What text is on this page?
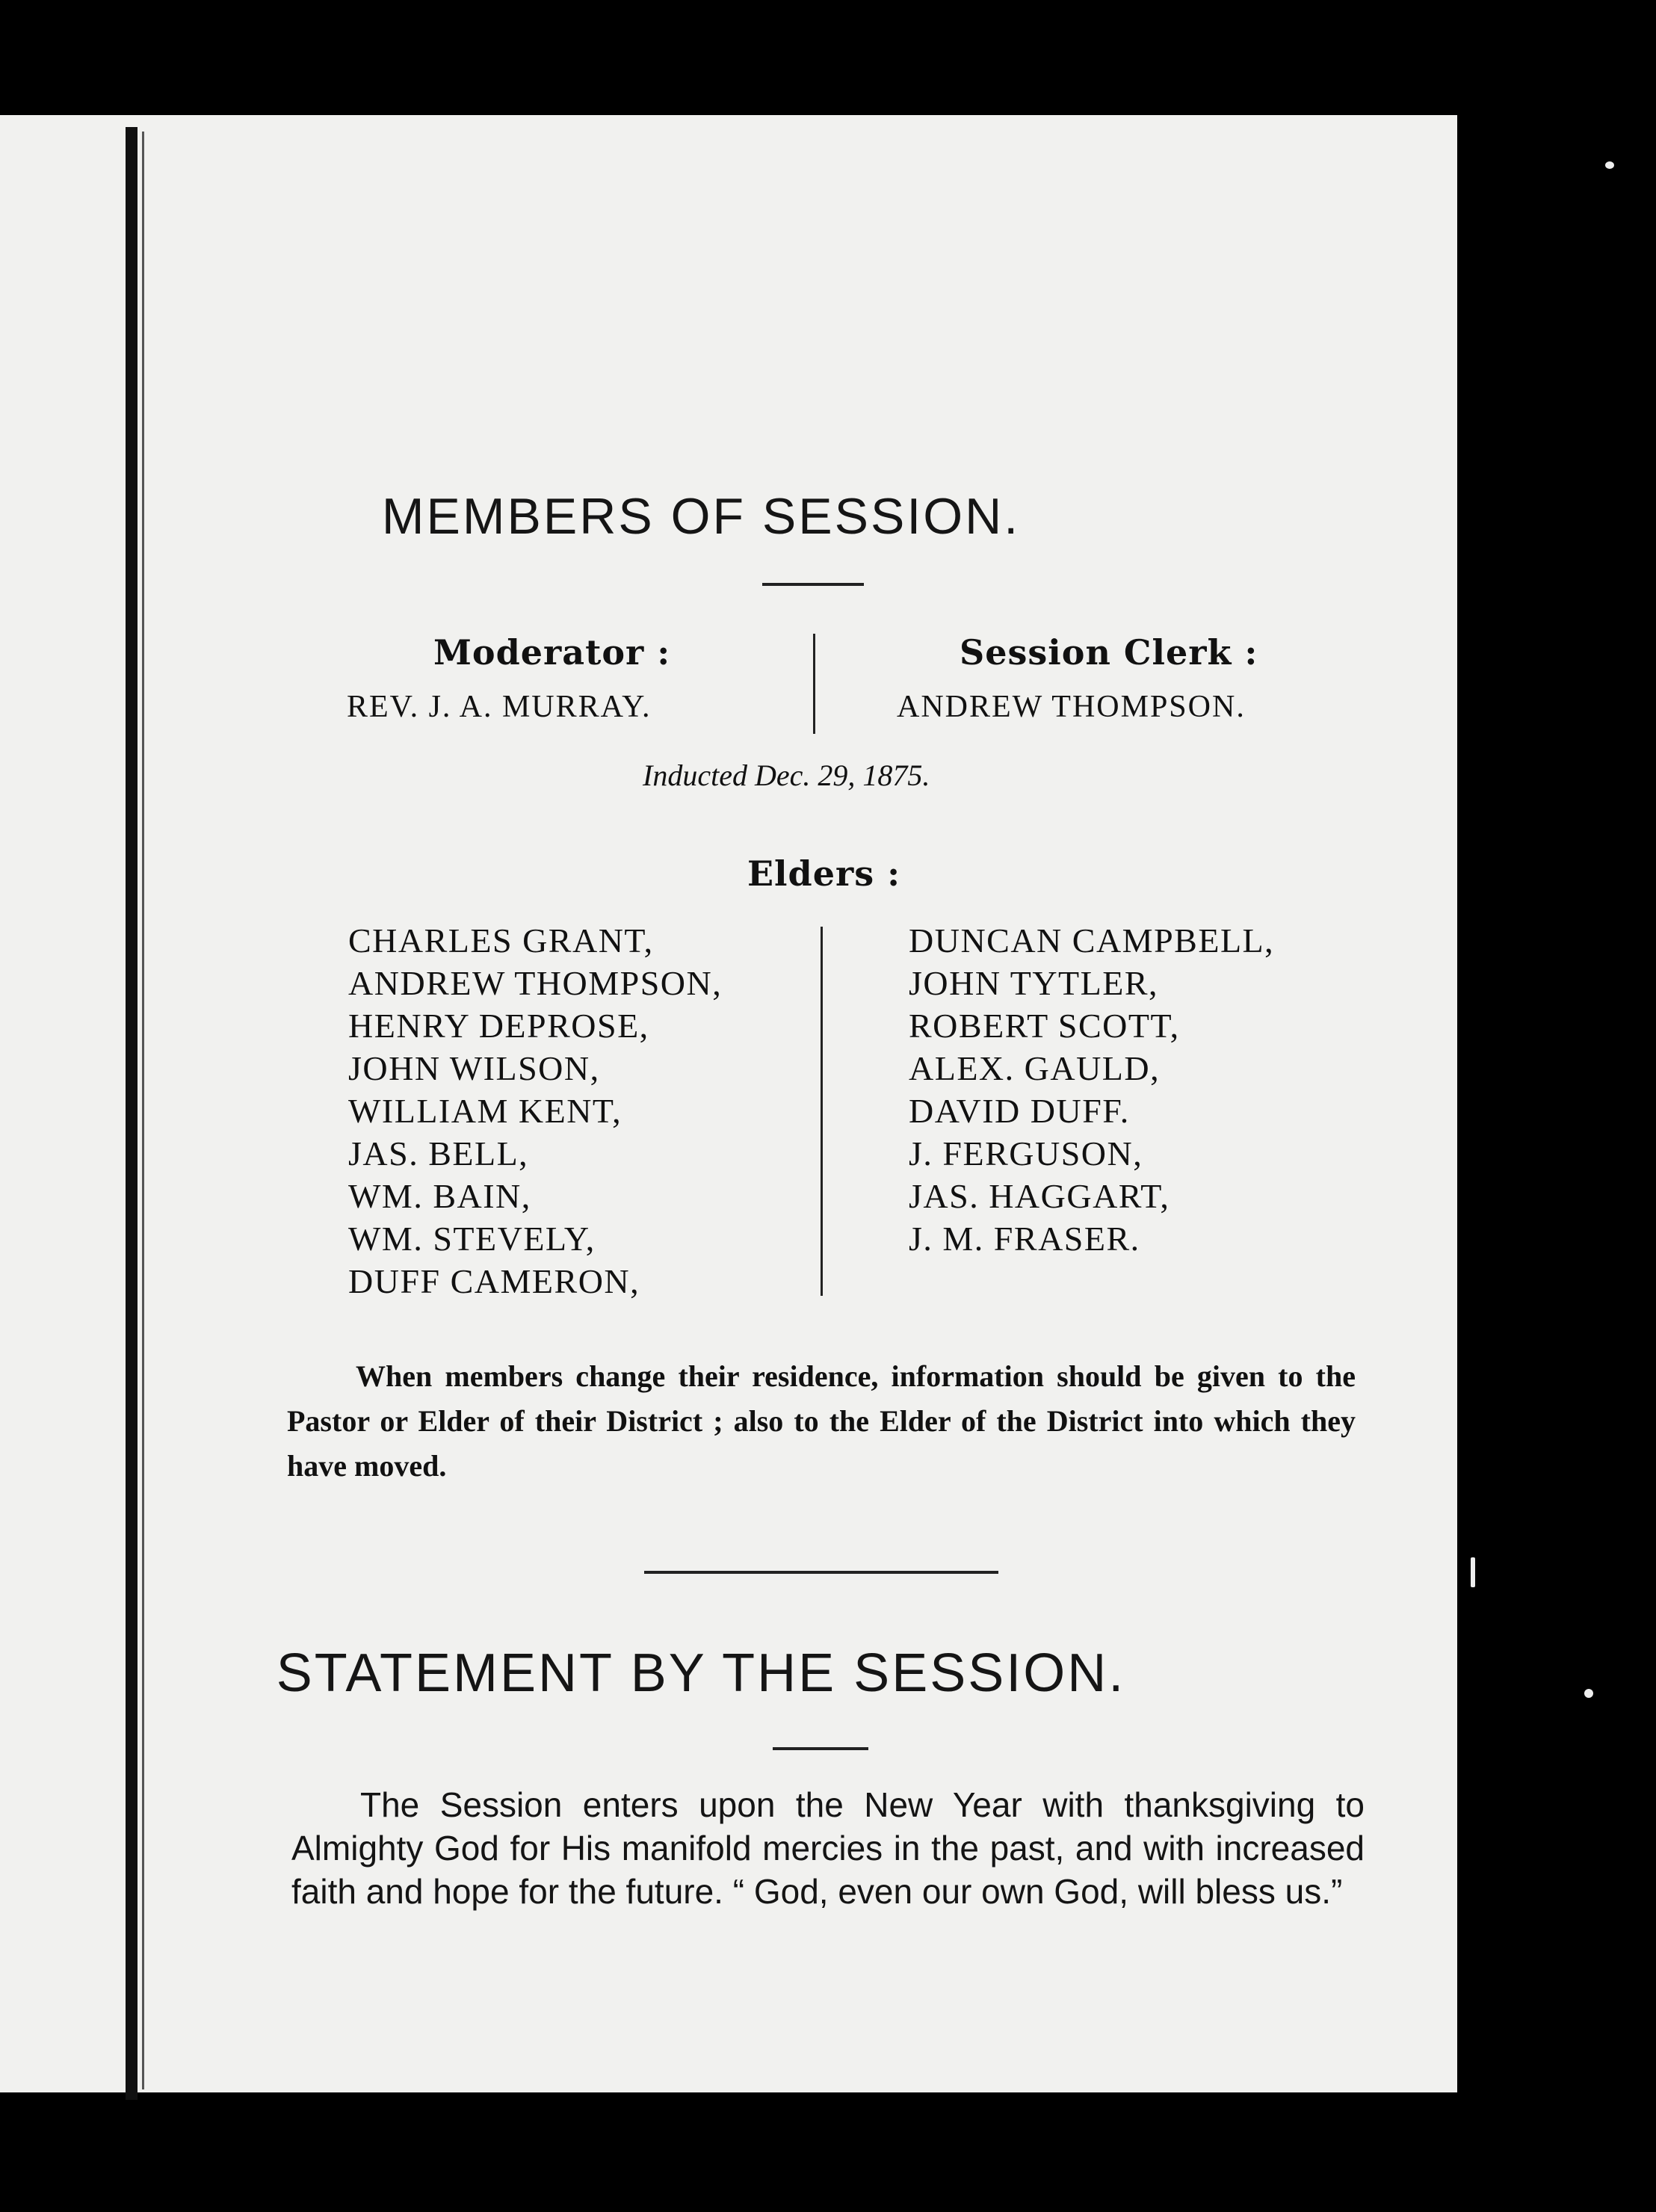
MEMBERS OF SESSION.
Moderator :
REV. J. A. MURRAY.
Session Clerk :
ANDREW THOMPSON.
Inducted Dec. 29, 1875.
Elders :
CHARLES GRANT,
ANDREW THOMPSON,
HENRY DEPROSE,
JOHN WILSON,
WILLIAM KENT,
JAS. BELL,
WM. BAIN,
WM. STEVELY,
DUFF CAMERON,
DUNCAN CAMPBELL,
JOHN TYTLER,
ROBERT SCOTT,
ALEX. GAULD,
DAVID DUFF.
J. FERGUSON,
JAS. HAGGART,
J. M. FRASER.
When members change their residence, information should be given to the Pastor or Elder of their District ; also to the Elder of the District into which they have moved.
STATEMENT BY THE SESSION.
The Session enters upon the New Year with thanksgiving to Almighty God for His manifold mercies in the past, and with increased faith and hope for the future. “ God, even our own God, will bless us.”
